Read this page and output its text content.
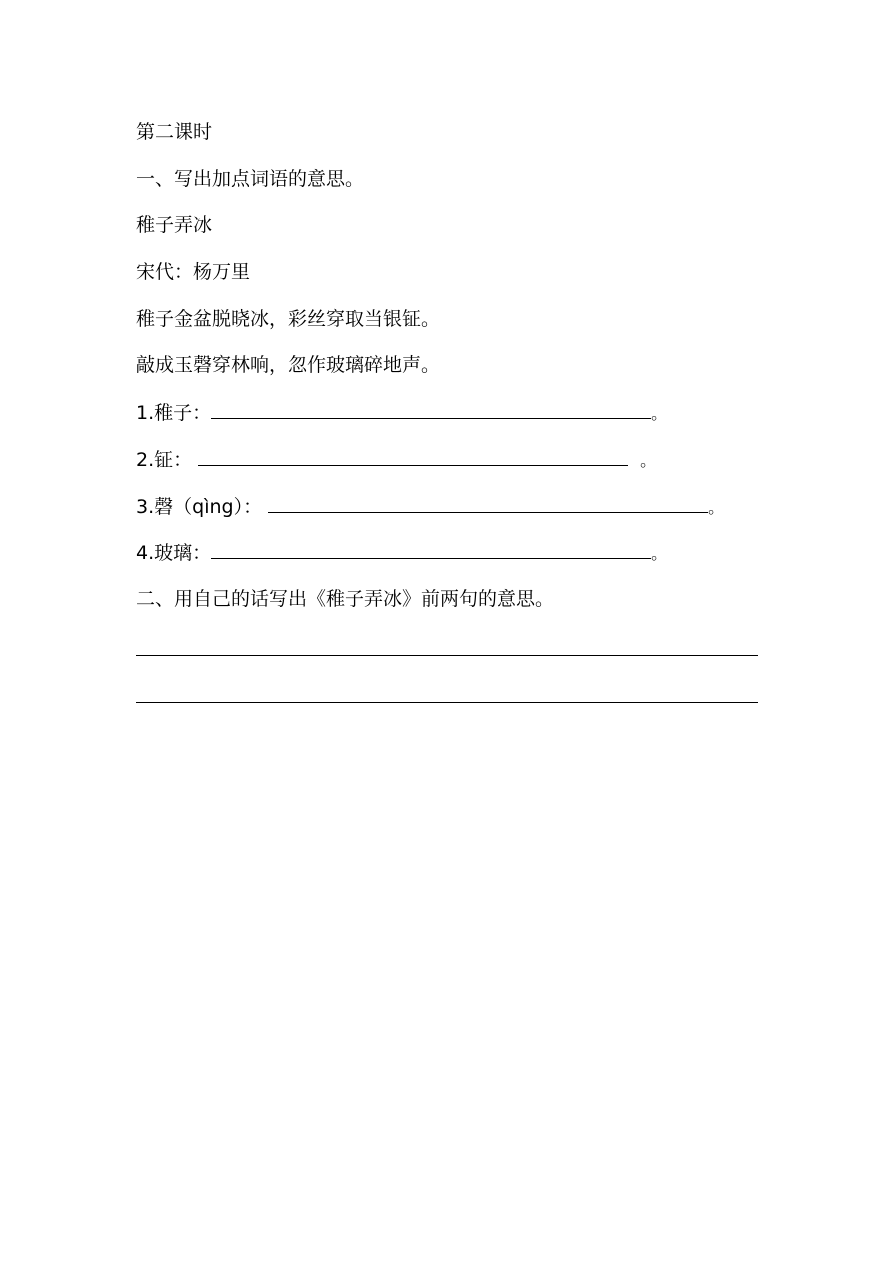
第二课时
一、写出加点词语的意思。
稚子弄冰
宋代：杨万里
稚子金盆脱晓冰，彩丝穿取当银钲。
敲成玉磬穿林响，忽作玻璃碎地声。
1.稚子：	。
2.钲：	。
3.磬（qìng）：	。
4.玻璃：	。
二、用自己的话写出《稚子弄冰》前两句的意思。
